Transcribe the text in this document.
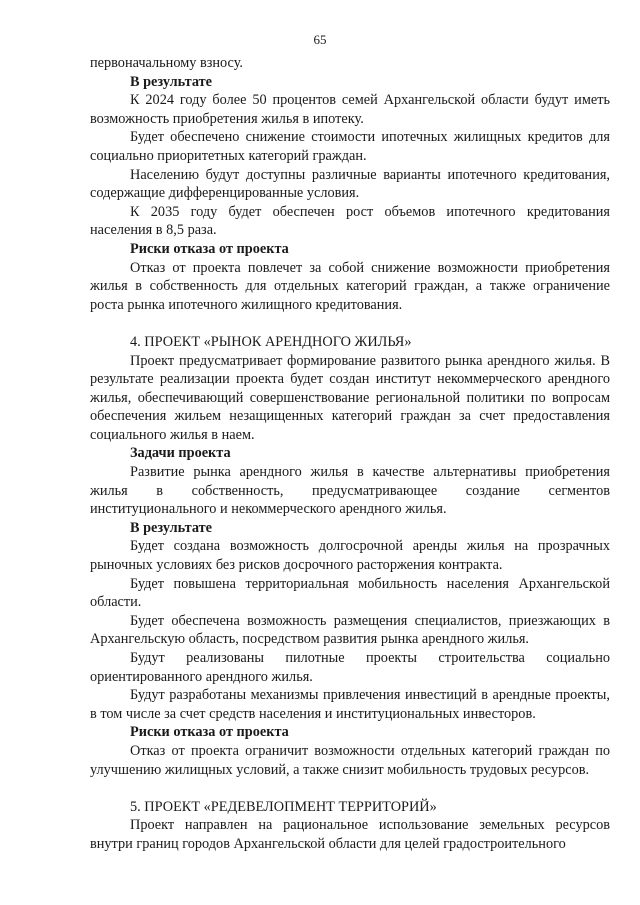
65

первоначальному взносу.

В результате

К 2024 году более 50 процентов семей Архангельской области будут иметь возможность приобретения жилья в ипотеку.

Будет обеспечено снижение стоимости ипотечных жилищных кредитов для социально приоритетных категорий граждан.

Населению будут доступны различные варианты ипотечного кредитования, содержащие дифференцированные условия.

К 2035 году будет обеспечен рост объемов ипотечного кредитования населения в 8,5 раза.

Риски отказа от проекта

Отказ от проекта повлечет за собой снижение возможности приобретения жилья в собственность для отдельных категорий граждан, а также ограничение роста рынка ипотечного жилищного кредитования.

4. ПРОЕКТ «РЫНОК АРЕНДНОГО ЖИЛЬЯ»

Проект предусматривает формирование развитого рынка арендного жилья. В результате реализации проекта будет создан институт некоммерческого арендного жилья, обеспечивающий совершенствование региональной политики по вопросам обеспечения жильем незащищенных категорий граждан за счет предоставления социального жилья в наем.

Задачи проекта

Развитие рынка арендного жилья в качестве альтернативы приобретения жилья в собственность, предусматривающее создание сегментов институционального и некоммерческого арендного жилья.

В результате

Будет создана возможность долгосрочной аренды жилья на прозрачных рыночных условиях без рисков досрочного расторжения контракта.

Будет повышена территориальная мобильность населения Архангельской области.

Будет обеспечена возможность размещения специалистов, приезжающих в Архангельскую область, посредством развития рынка арендного жилья.

Будут реализованы пилотные проекты строительства социально ориентированного арендного жилья.

Будут разработаны механизмы привлечения инвестиций в арендные проекты, в том числе за счет средств населения и институциональных инвесторов.

Риски отказа от проекта

Отказ от проекта ограничит возможности отдельных категорий граждан по улучшению жилищных условий, а также снизит мобильность трудовых ресурсов.

5. ПРОЕКТ «РЕДЕВЕЛОПМЕНТ ТЕРРИТОРИЙ»

Проект направлен на рациональное использование земельных ресурсов внутри границ городов Архангельской области для целей градостроительного
